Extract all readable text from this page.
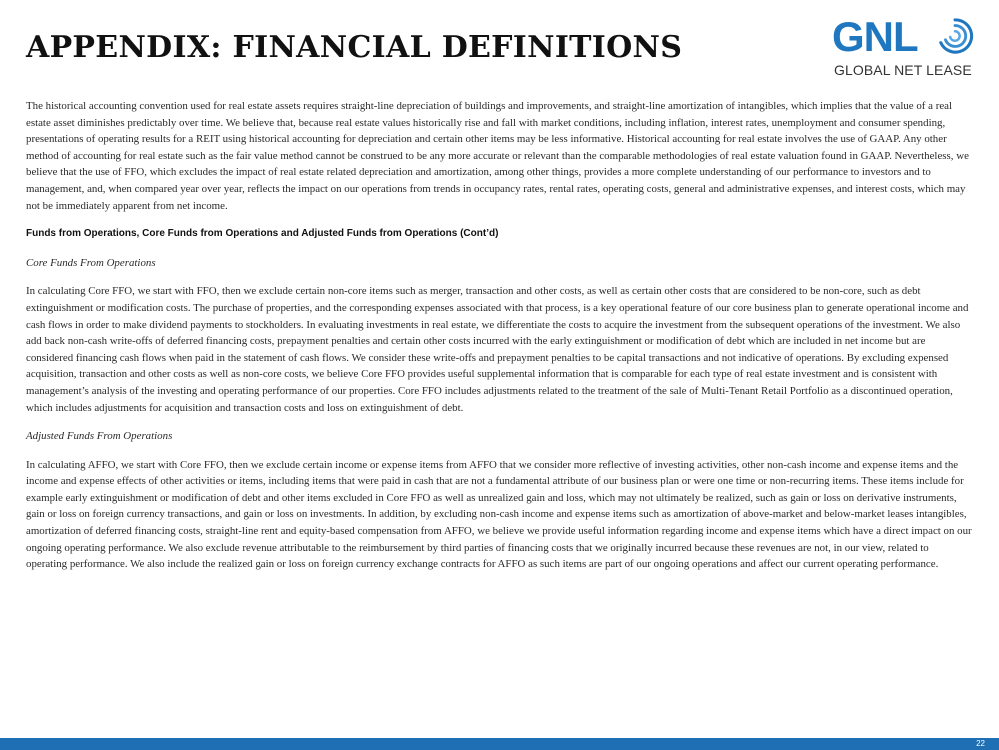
APPENDIX: FINANCIAL DEFINITIONS	GNL
GLOBAL NET LEASE

The historical accounting convention used for real estate assets requires straight-line depreciation of buildings and improvements, and straight-line amortization of intangibles, which implies that the value of a real estate asset diminishes predictably over time. We believe that, because real estate values historically rise and fall with market conditions, including inflation, interest rates, unemployment and consumer spending, presentations of operating results for a REIT using historical accounting for depreciation and certain other items may be less informative. Historical accounting for real estate involves the use of GAAP. Any other method of accounting for real estate such as the fair value method cannot be construed to be any more accurate or relevant than the comparable methodologies of real estate valuation found in GAAP. Nevertheless, we believe that the use of FFO, which excludes the impact of real estate related depreciation and amortization, among other things, provides a more complete understanding of our performance to investors and to management, and, when compared year over year, reflects the impact on our operations from trends in occupancy rates, rental rates, operating costs, general and administrative expenses, and interest costs, which may not be immediately apparent from net income.

Funds from Operations, Core Funds from Operations and Adjusted Funds from Operations (Cont’d)

Core Funds From Operations

In calculating Core FFO, we start with FFO, then we exclude certain non-core items such as merger, transaction and other costs, as well as certain other costs that are considered to be non-core, such as debt extinguishment or modification costs. The purchase of properties, and the corresponding expenses associated with that process, is a key operational feature of our core business plan to generate operational income and cash flows in order to make dividend payments to stockholders. In evaluating investments in real estate, we differentiate the costs to acquire the investment from the subsequent operations of the investment. We also add back non-cash write-offs of deferred financing costs, prepayment penalties and certain other costs incurred with the early extinguishment or modification of debt which are included in net income but are considered financing cash flows when paid in the statement of cash flows. We consider these write-offs and prepayment penalties to be capital transactions and not indicative of operations. By excluding expensed acquisition, transaction and other costs as well as non-core costs, we believe Core FFO provides useful supplemental information that is comparable for each type of real estate investment and is consistent with management’s analysis of the investing and operating performance of our properties. Core FFO includes adjustments related to the treatment of the sale of Multi-Tenant Retail Portfolio as a discontinued operation, which includes adjustments for acquisition and transaction costs and loss on extinguishment of debt.

Adjusted Funds From Operations

In calculating AFFO, we start with Core FFO, then we exclude certain income or expense items from AFFO that we consider more reflective of investing activities, other non-cash income and expense items and the income and expense effects of other activities or items, including items that were paid in cash that are not a fundamental attribute of our business plan or were one time or non-recurring items. These items include for example early extinguishment or modification of debt and other items excluded in Core FFO as well as unrealized gain and loss, which may not ultimately be realized, such as gain or loss on derivative instruments, gain or loss on foreign currency transactions, and gain or loss on investments. In addition, by excluding non-cash income and expense items such as amortization of above-market and below-market leases intangibles, amortization of deferred financing costs, straight-line rent and equity-based compensation from AFFO, we believe we provide useful information regarding income and expense items which have a direct impact on our ongoing operating performance. We also exclude revenue attributable to the reimbursement by third parties of financing costs that we originally incurred because these revenues are not, in our view, related to operating performance. We also include the realized gain or loss on foreign currency exchange contracts for AFFO as such items are part of our ongoing operations and affect our current operating performance.

22
